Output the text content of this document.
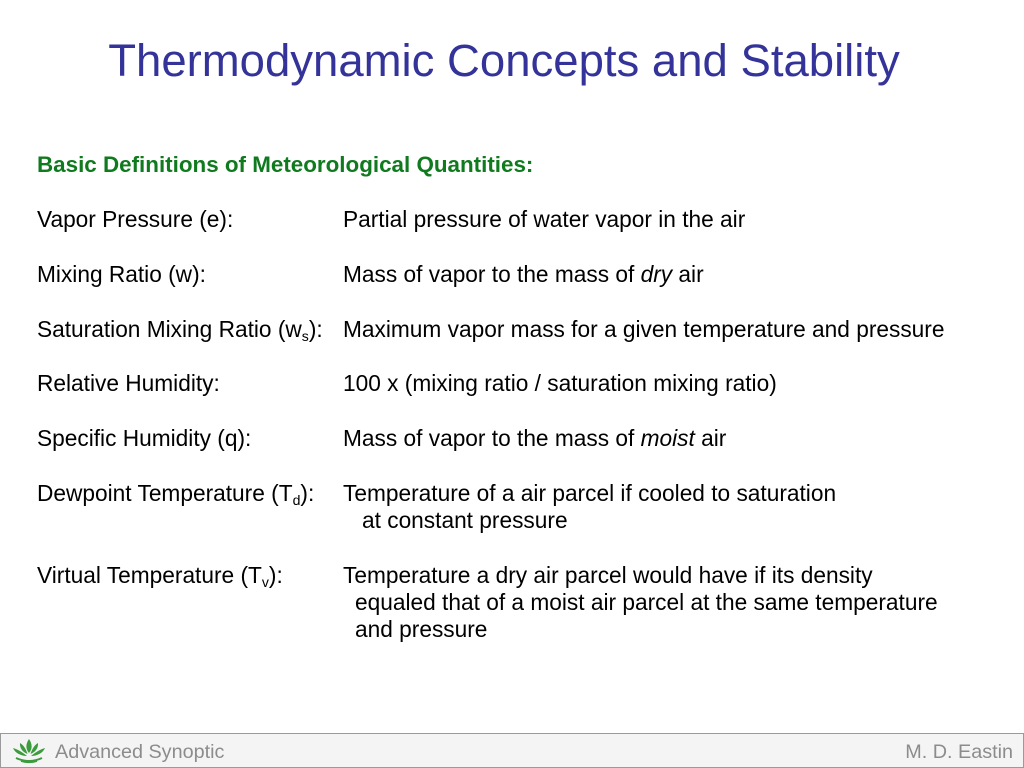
Thermodynamic Concepts and Stability
Basic Definitions of Meteorological Quantities:
Vapor Pressure (e):	Partial pressure of water vapor in the air
Mixing Ratio (w):	Mass of vapor to the mass of dry air
Saturation Mixing Ratio $(w_s)$: Maximum vapor mass for a given temperature and pressure
Relative Humidity:	100 x (mixing ratio / saturation mixing ratio)
Specific Humidity (q):	Mass of vapor to the mass of moist air
Dewpoint Temperature $(T_d)$: Temperature of a air parcel if cooled to saturation
at constant pressure
Virtual Temperature $(T_v)$:	Temperature a dry air parcel would have if its density
equaled that of a moist air parcel at the same temperature
and pressure
Advanced Synoptic	M. D. Eastin
